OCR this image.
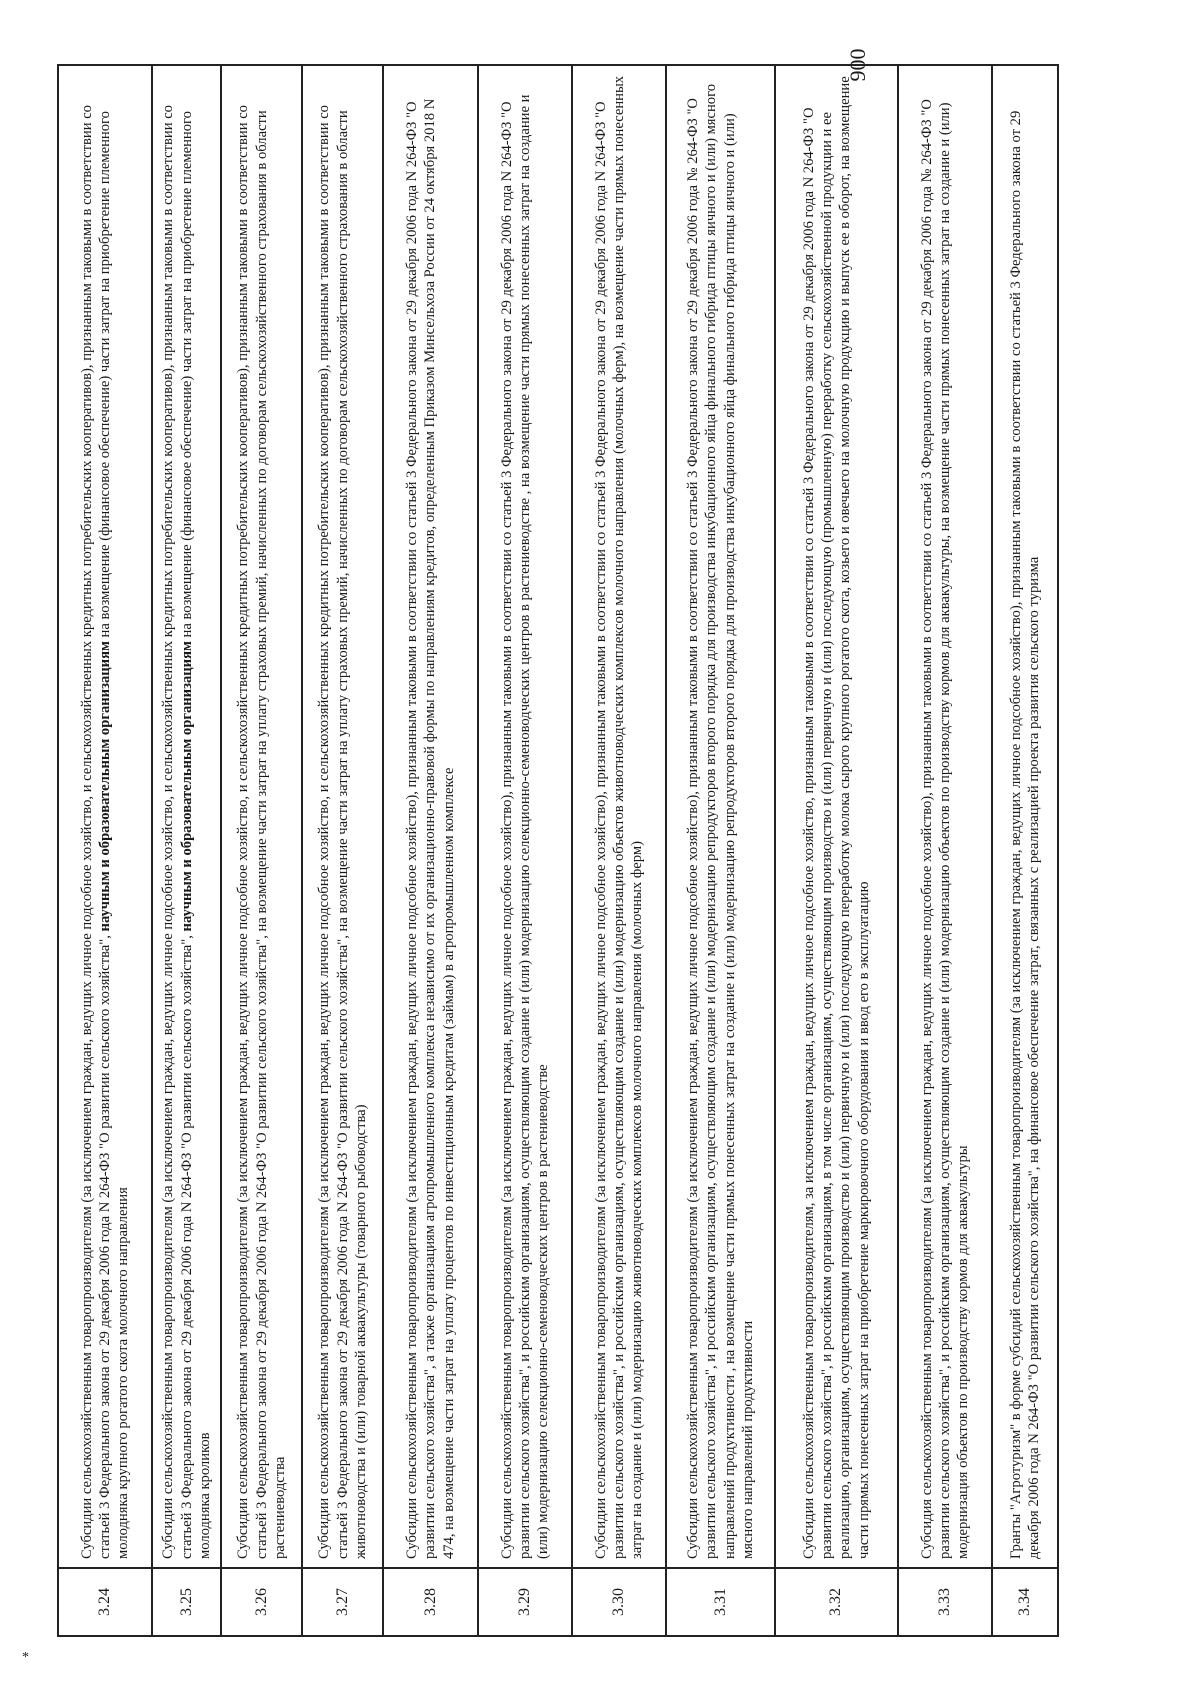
900
*
3.24	Субсидии сельскохозяйственным товаропроизводителям (за исключением граждан, ведущих личное подсобное хозяйство, и сельскохозяйственных кредитных потребительских кооперативов), признанным таковыми в соответствии со статьей 3 Федерального закона от 29 декабря 2006 года N 264-ФЗ "О развитии сельского хозяйства", научным и образовательным организациям на возмещение (финансовое обеспечение) части затрат на приобретение племенного молодняка крупного рогатого скота молочного направления
3.25	Субсидии сельскохозяйственным товаропроизводителям (за исключением граждан, ведущих личное подсобное хозяйство, и сельскохозяйственных кредитных потребительских кооперативов), признанным таковыми в соответствии со статьей 3 Федерального закона от 29 декабря 2006 года N 264-ФЗ "О развитии сельского хозяйства", научным и образовательным организациям на возмещение (финансовое обеспечение) части затрат на приобретение племенного молодняка кроликов
3.26	Субсидии сельскохозяйственным товаропроизводителям (за исключением граждан, ведущих личное подсобное хозяйство, и сельскохозяйственных кредитных потребительских кооперативов), признанным таковыми в соответствии со статьей 3 Федерального закона от 29 декабря 2006 года N 264-ФЗ "О развитии сельского хозяйства", на возмещение части затрат на уплату страховых премий, начисленных по договорам сельскохозяйственного страхования в области растениеводства
3.27	Субсидии сельскохозяйственным товаропроизводителям (за исключением граждан, ведущих личное подсобное хозяйство, и сельскохозяйственных кредитных потребительских кооперативов), признанным таковыми в соответствии со статьей 3 Федерального закона от 29 декабря 2006 года N 264-ФЗ "О развитии сельского хозяйства", на возмещение части затрат на уплату страховых премий, начисленных по договорам сельскохозяйственного страхования в области животноводства и (или) товарной аквакультуры (товарного рыбоводства)
3.28	Субсидии сельскохозяйственным товаропроизводителям (за исключением граждан, ведущих личное подсобное хозяйство), признанным таковыми в соответствии со статьей 3 Федерального закона от 29 декабря 2006 года N 264-ФЗ "О развитии сельского хозяйства", а также организациям агропромышленного комплекса независимо от их организационно-правовой формы по направлениям кредитов, определенным Приказом Минсельхоза России от 24 октября 2018 N 474, на возмещение части затрат на уплату процентов по инвестиционным кредитам (займам) в агропромышленном комплексе
3.29	Субсидии сельскохозяйственным товаропроизводителям (за исключением граждан, ведущих личное подсобное хозяйство), признанным таковыми в соответствии со статьей 3 Федерального закона от 29 декабря 2006 года N 264-ФЗ "О развитии сельского хозяйства", и российским организациям, осуществляющим создание и (или) модернизацию селекционно-семеноводческих центров в растениеводстве , на возмещение части прямых понесенных затрат на создание и (или) модернизацию селекционно-семеноводческих центров в растениеводстве
3.30	Субсидии сельскохозяйственным товаропроизводителям (за исключением граждан, ведущих личное подсобное хозяйство), признанным таковыми в соответствии со статьей 3 Федерального закона от 29 декабря 2006 года N 264-ФЗ "О развитии сельского хозяйства", и российским организациям, осуществляющим создание и (или) модернизацию объектов животноводческих комплексов молочного направления (молочных ферм), на возмещение части прямых понесенных затрат на создание и (или) модернизацию животноводческих комплексов молочного направления (молочных ферм)
3.31	Субсидии сельскохозяйственным товаропроизводителям (за исключением граждан, ведущих личное подсобное хозяйство), признанным таковыми в соответствии со статьей 3 Федерального закона от 29 декабря 2006 года № 264-ФЗ "О развитии сельского хозяйства", и российским организациям, осуществляющим создание и (или) модернизацию репродукторов второго порядка для производства инкубационного яйца финального гибрида птицы яичного и (или) мясного направлений продуктивности , на возмещение части прямых понесенных затрат на создание и (или) модернизацию репродукторов второго порядка для производства инкубационного яйца финального гибрида птицы яичного и (или) мясного направлений продуктивности
3.32	Субсидии сельскохозяйственным товаропроизводителям, за исключением граждан, ведущих личное подсобное хозяйство, признанным таковыми в соответствии со статьей 3 Федерального закона от 29 декабря 2006 года N 264-ФЗ "О развитии сельского хозяйства", и российским организациям, в том числе организациям, осуществляющим производство и (или) первичную и (или) последующую (промышленную) переработку сельскохозяйственной продукции и ее реализацию, организациям, осуществляющим производство и (или) первичную и (или) последующую переработку молока сырого крупного рогатого скота, козьего и овечьего на молочную продукцию и выпуск ее в оборот, на возмещение части прямых понесенных затрат на приобретение маркировочного оборудования и ввод его в эксплуатацию
3.33	Субсидия сельскохозяйственным товаропроизводителям (за исключением граждан, ведущих личное подсобное хозяйство), признанным таковыми в соответствии со статьей 3 Федерального закона от 29 декабря 2006 года № 264-ФЗ "О развитии сельского хозяйства", и российским организациям, осуществляющим создание и (или) модернизацию объектов по производству кормов для аквакультуры, на возмещение части прямых понесенных затрат на создание и (или) модернизация объектов по производству кормов для аквакультуры
3.34	Гранты "Агротуризм" в форме субсидий сельскохозяйственным товаропроизводителям (за исключением граждан, ведущих личное подсобное хозяйство), признанным таковыми в соответствии со статьей 3 Федерального закона от 29 декабря 2006 года N 264-ФЗ "О развитии сельского хозяйства", на финансовое обеспечение затрат, связанных с реализацией проекта развития сельского туризма
